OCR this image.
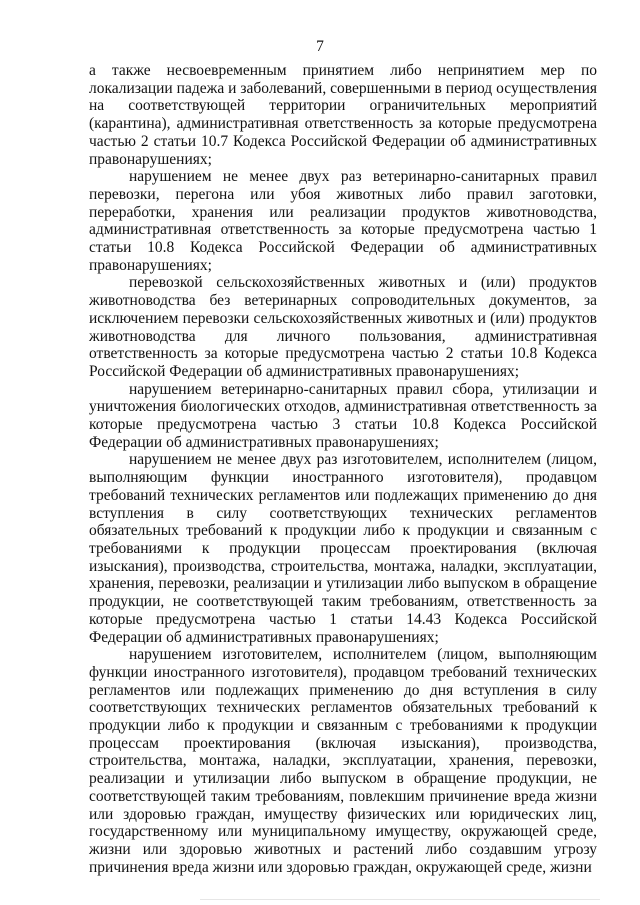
7

а также несвоевременным принятием либо непринятием мер по локализации падежа и заболеваний, совершенными в период осуществления на соответствующей территории ограничительных мероприятий (карантина), административная ответственность за которые предусмотрена частью 2 статьи 10.7 Кодекса Российской Федерации об административных правонарушениях;

нарушением не менее двух раз ветеринарно-санитарных правил перевозки, перегона или убоя животных либо правил заготовки, переработки, хранения или реализации продуктов животноводства, административная ответственность за которые предусмотрена частью 1 статьи 10.8 Кодекса Российской Федерации об административных правонарушениях;

перевозкой сельскохозяйственных животных и (или) продуктов животноводства без ветеринарных сопроводительных документов, за исключением перевозки сельскохозяйственных животных и (или) продуктов животноводства для личного пользования, административная ответственность за которые предусмотрена частью 2 статьи 10.8 Кодекса Российской Федерации об административных правонарушениях;

нарушением ветеринарно-санитарных правил сбора, утилизации и уничтожения биологических отходов, административная ответственность за которые предусмотрена частью 3 статьи 10.8 Кодекса Российской Федерации об административных правонарушениях;

нарушением не менее двух раз изготовителем, исполнителем (лицом, выполняющим функции иностранного изготовителя), продавцом требований технических регламентов или подлежащих применению до дня вступления в силу соответствующих технических регламентов обязательных требований к продукции либо к продукции и связанным с требованиями к продукции процессам проектирования (включая изыскания), производства, строительства, монтажа, наладки, эксплуатации, хранения, перевозки, реализации и утилизации либо выпуском в обращение продукции, не соответствующей таким требованиям, ответственность за которые предусмотрена частью 1 статьи 14.43 Кодекса Российской Федерации об административных правонарушениях;

нарушением изготовителем, исполнителем (лицом, выполняющим функции иностранного изготовителя), продавцом требований технических регламентов или подлежащих применению до дня вступления в силу соответствующих технических регламентов обязательных требований к продукции либо к продукции и связанным с требованиями к продукции процессам проектирования (включая изыскания), производства, строительства, монтажа, наладки, эксплуатации, хранения, перевозки, реализации и утилизации либо выпуском в обращение продукции, не соответствующей таким требованиям, повлекшим причинение вреда жизни или здоровью граждан, имуществу физических или юридических лиц, государственному или муниципальному имуществу, окружающей среде, жизни или здоровью животных и растений либо создавшим угрозу причинения вреда жизни или здоровью граждан, окружающей среде, жизни
